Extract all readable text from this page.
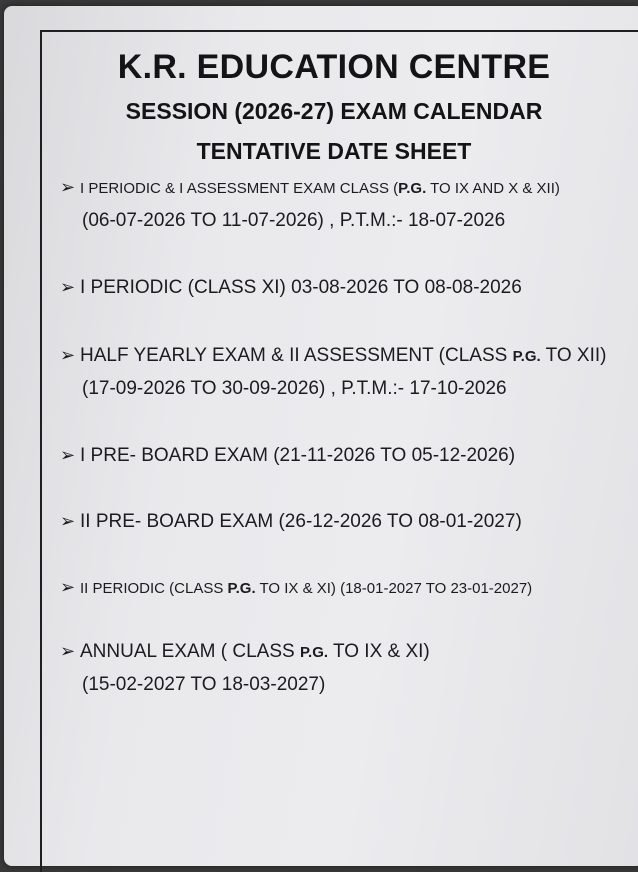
K.R. EDUCATION CENTRE
SESSION (2026-27) EXAM CALENDAR
TENTATIVE DATE SHEET
➢ I PERIODIC & I ASSESSMENT EXAM CLASS (P.G. TO IX AND X & XII)
(06-07-2026 TO 11-07-2026) , P.T.M.:- 18-07-2026
➢ I PERIODIC (CLASS XI) 03-08-2026 TO 08-08-2026
➢ HALF YEARLY EXAM & II ASSESSMENT (CLASS P.G. TO XII)
(17-09-2026 TO 30-09-2026) , P.T.M.:- 17-10-2026
➢ I PRE- BOARD EXAM (21-11-2026 TO 05-12-2026)
➢ II PRE- BOARD EXAM (26-12-2026 TO 08-01-2027)
➢ II PERIODIC (CLASS P.G. TO IX & XI) (18-01-2027 TO 23-01-2027)
➢ ANNUAL EXAM ( CLASS P.G. TO IX & XI)
(15-02-2027 TO 18-03-2027)
